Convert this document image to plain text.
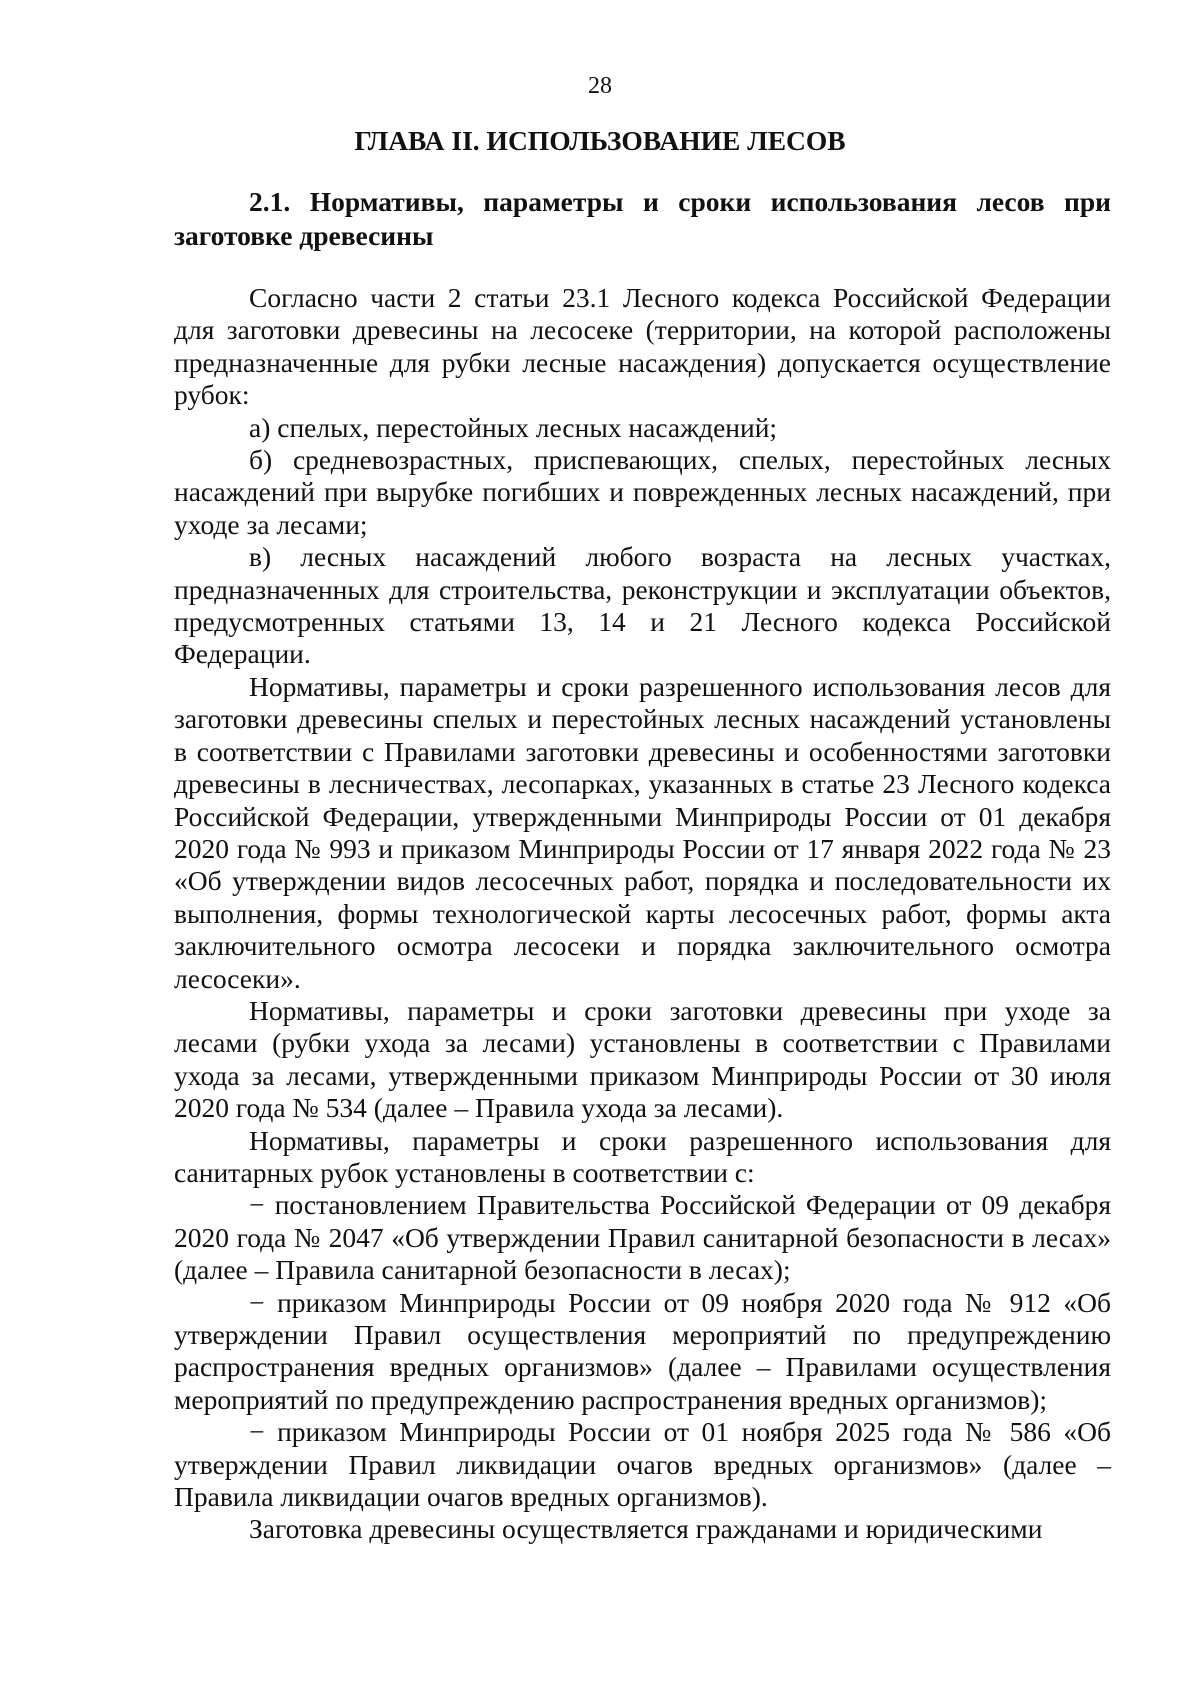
28
ГЛАВА II. ИСПОЛЬЗОВАНИЕ ЛЕСОВ
2.1. Нормативы, параметры и сроки использования лесов при заготовке древесины

Согласно части 2 статьи 23.1 Лесного кодекса Российской Федерации для заготовки древесины на лесосеке (территории, на которой расположены предназначенные для рубки лесные насаждения) допускается осуществление рубок:

а) спелых, перестойных лесных насаждений;

б) средневозрастных, приспевающих, спелых, перестойных лесных насаждений при вырубке погибших и поврежденных лесных насаждений, при уходе за лесами;

в) лесных насаждений любого возраста на лесных участках, предназначенных для строительства, реконструкции и эксплуатации объектов, предусмотренных статьями 13, 14 и 21 Лесного кодекса Российской Федерации.

Нормативы, параметры и сроки разрешенного использования лесов для заготовки древесины спелых и перестойных лесных насаждений установлены в соответствии с Правилами заготовки древесины и особенностями заготовки древесины в лесничествах, лесопарках, указанных в статье 23 Лесного кодекса Российской Федерации, утвержденными Минприроды России от 01 декабря 2020 года № 993 и приказом Минприроды России от 17 января 2022 года № 23 «Об утверждении видов лесосечных работ, порядка и последовательности их выполнения, формы технологической карты лесосечных работ, формы акта заключительного осмотра лесосеки и порядка заключительного осмотра лесосеки».

Нормативы, параметры и сроки заготовки древесины при уходе за лесами (рубки ухода за лесами) установлены в соответствии с Правилами ухода за лесами, утвержденными приказом Минприроды России от 30 июля 2020 года № 534 (далее – Правила ухода за лесами).

Нормативы, параметры и сроки разрешенного использования для санитарных рубок установлены в соответствии с:

− постановлением Правительства Российской Федерации от 09 декабря 2020 года № 2047 «Об утверждении Правил санитарной безопасности в лесах» (далее – Правила санитарной безопасности в лесах);

− приказом Минприроды России от 09 ноября 2020 года № 912 «Об утверждении Правил осуществления мероприятий по предупреждению распространения вредных организмов» (далее – Правилами осуществления мероприятий по предупреждению распространения вредных организмов);

− приказом Минприроды России от 01 ноября 2025 года № 586 «Об утверждении Правил ликвидации очагов вредных организмов» (далее – Правила ликвидации очагов вредных организмов).

Заготовка древесины осуществляется гражданами и юридическими
